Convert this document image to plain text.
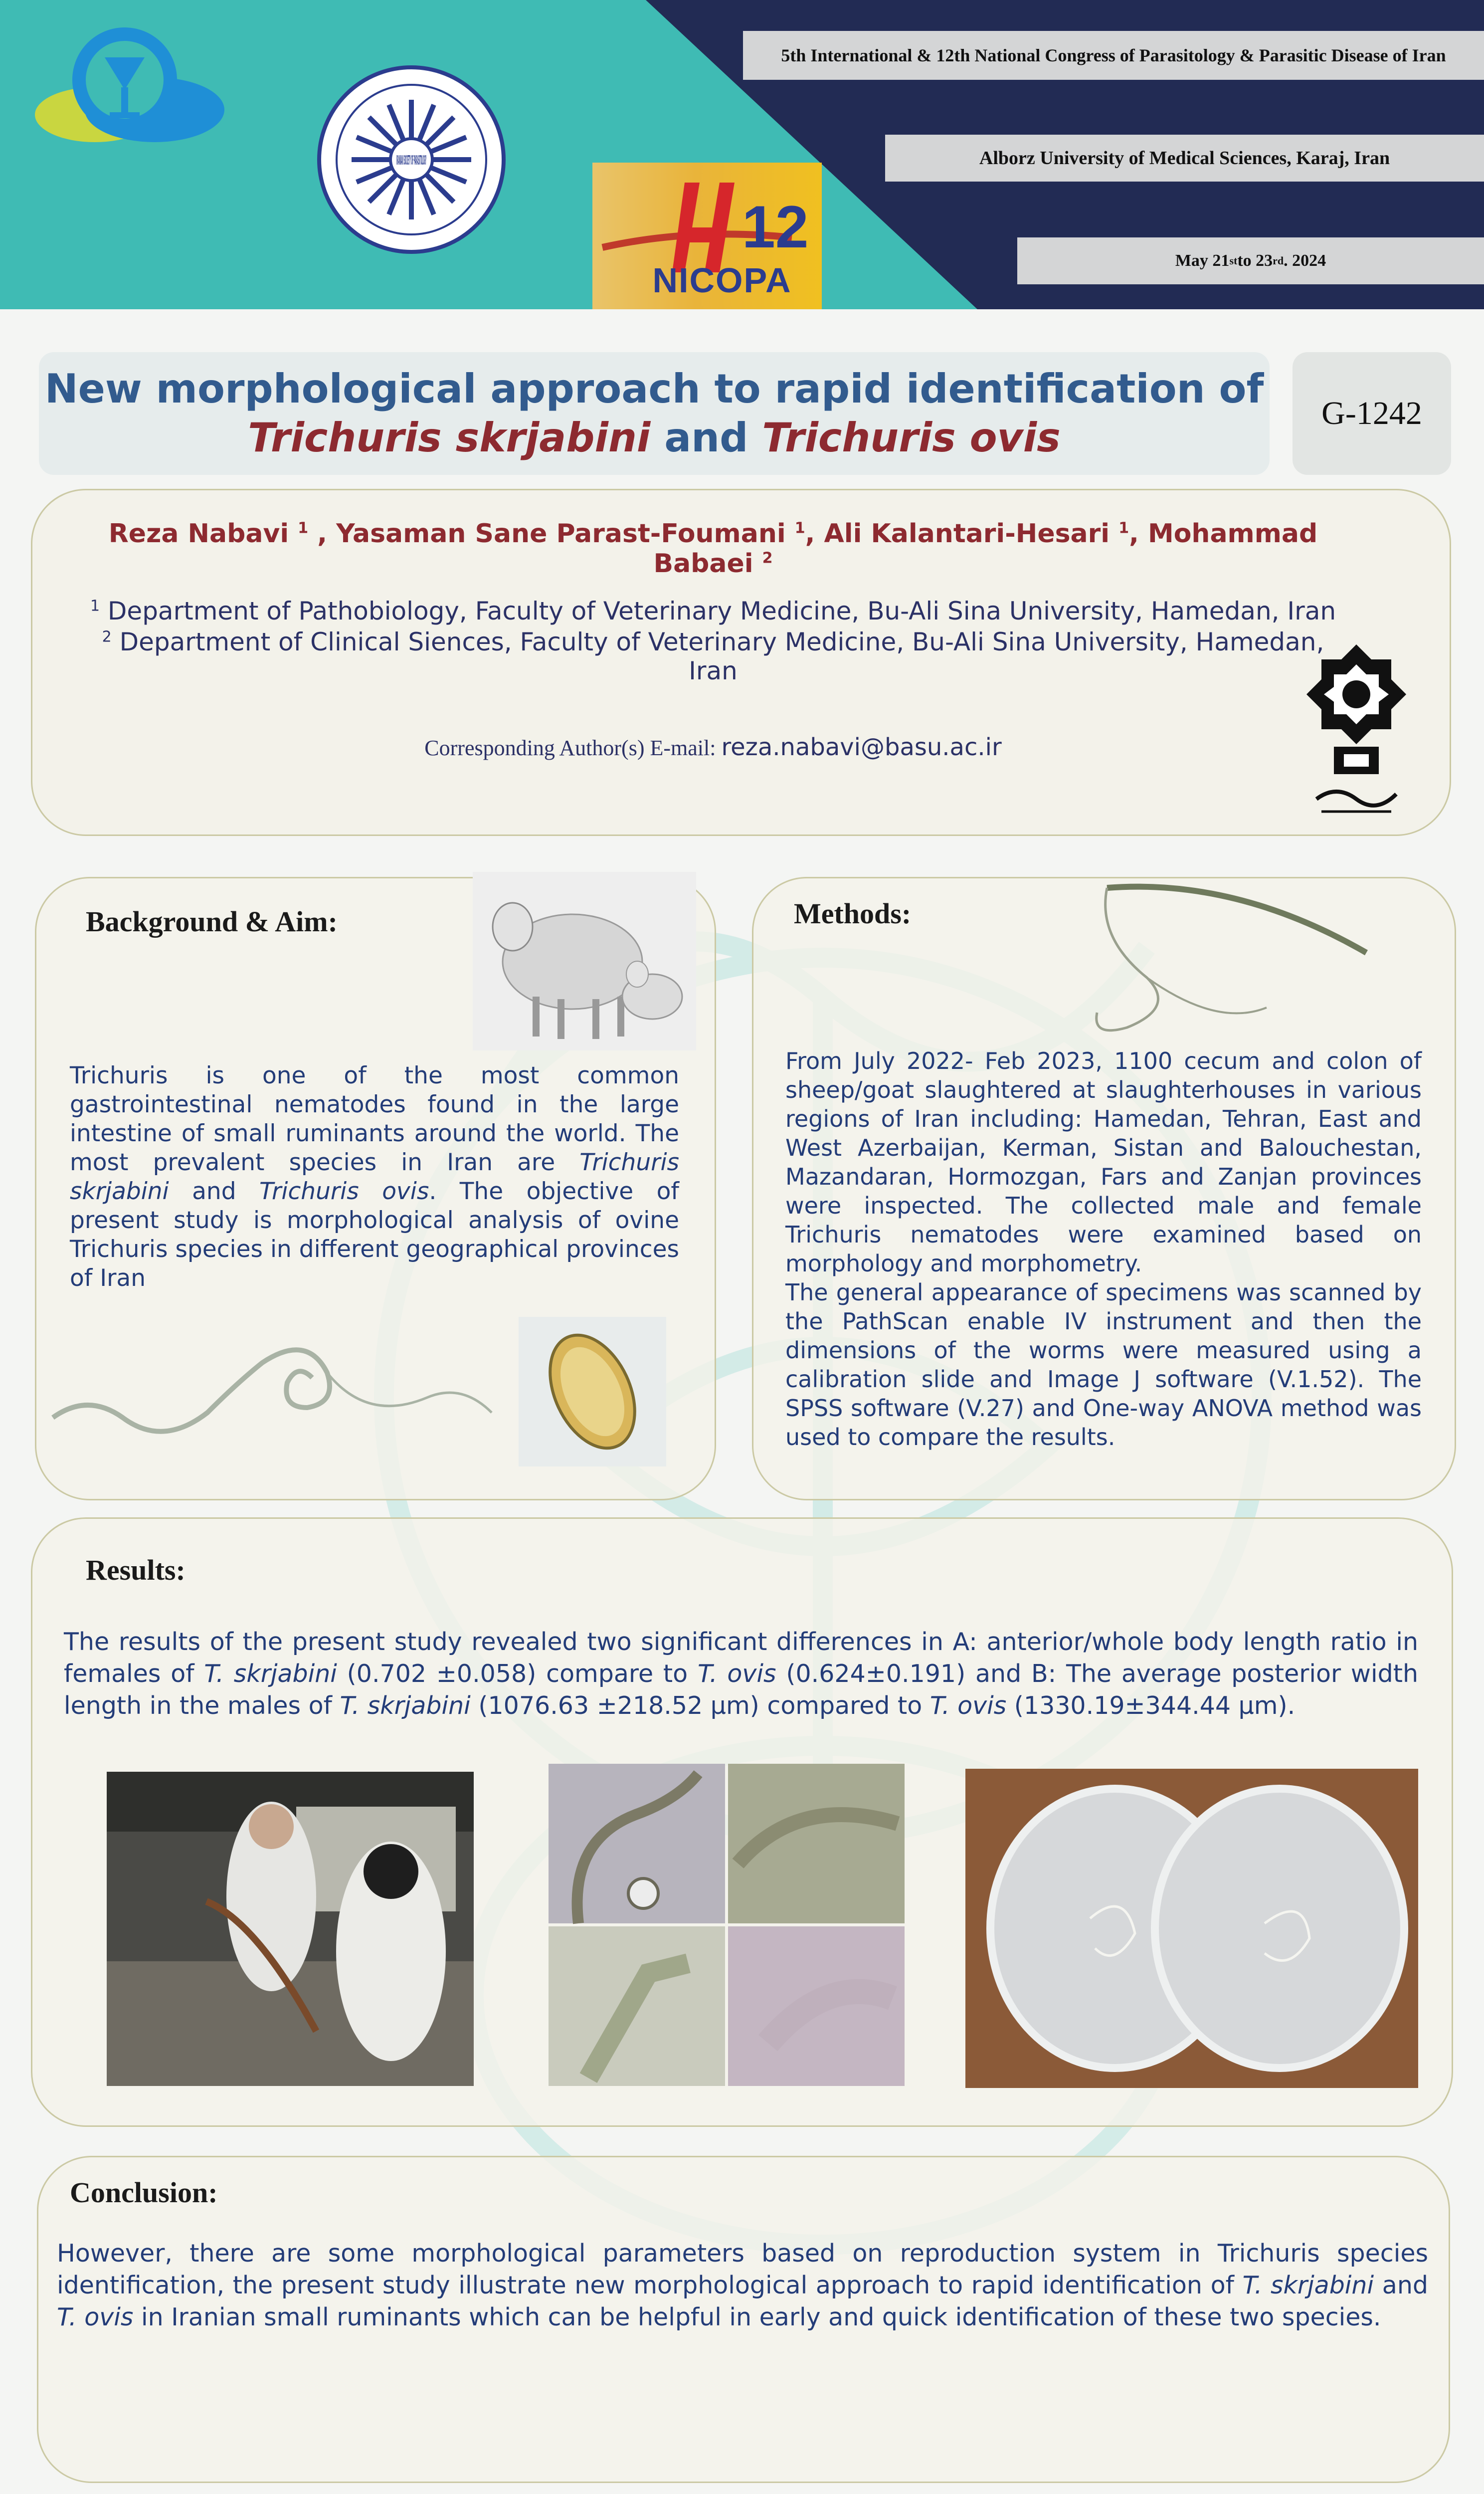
IRANIAN SOCIETY OF PARASITOLOGY
12
NICOPA
5th International & 12th National Congress of Parasitology & Parasitic Disease of Iran
Alborz University of Medical Sciences, Karaj, Iran
May 21 st to 23 rd . 2024
New morphological approach to rapid identification of
Trichuris skrjabini and Trichuris ovis
G-1242
Reza Nabavi $^1$ , Yasaman Sane Parast-Foumani $^1$, Ali Kalantari-Hesari $^1$, Mohammad Babaei $^2$
$^1$ Department of Pathobiology, Faculty of Veterinary Medicine, Bu-Ali Sina University, Hamedan, Iran
$^2$ Department of Clinical Siences, Faculty of Veterinary Medicine, Bu-Ali Sina University, Hamedan, Iran
Corresponding Author(s) E-mail: reza.nabavi@basu.ac.ir
Background & Aim:
Trichuris is one of the most common gastrointestinal nematodes found in the large intestine of small ruminants around the world. The most prevalent species in Iran are Trichuris skrjabini and Trichuris ovis. The objective of present study is morphological analysis of ovine Trichuris species in different geographical provinces of Iran
Methods:
From July 2022- Feb 2023, 1100 cecum and colon of sheep/goat slaughtered at slaughterhouses in various regions of Iran including: Hamedan, Tehran, East and West Azerbaijan, Kerman, Sistan and Balouchestan, Mazandaran, Hormozgan, Fars and Zanjan provinces were inspected. The collected male and female Trichuris nematodes were examined based on morphology and morphometry.
The general appearance of specimens was scanned by the PathScan enable IV instrument and then the dimensions of the worms were measured using a calibration slide and Image J software (V.1.52). The SPSS software (V.27) and One-way ANOVA method was used to compare the results.
Results:
The results of the present study revealed two significant differences in A: anterior/whole body length ratio in females of T. skrjabini (0.702 ±0.058) compare to T. ovis (0.624±0.191) and B: The average posterior width length in the males of T. skrjabini (1076.63 ±218.52 µm) compared to T. ovis (1330.19±344.44 µm).
Conclusion:
However, there are some morphological parameters based on reproduction system in Trichuris species identification, the present study illustrate new morphological approach to rapid identification of T. skrjabini and T. ovis in Iranian small ruminants which can be helpful in early and quick identification of these two species.
